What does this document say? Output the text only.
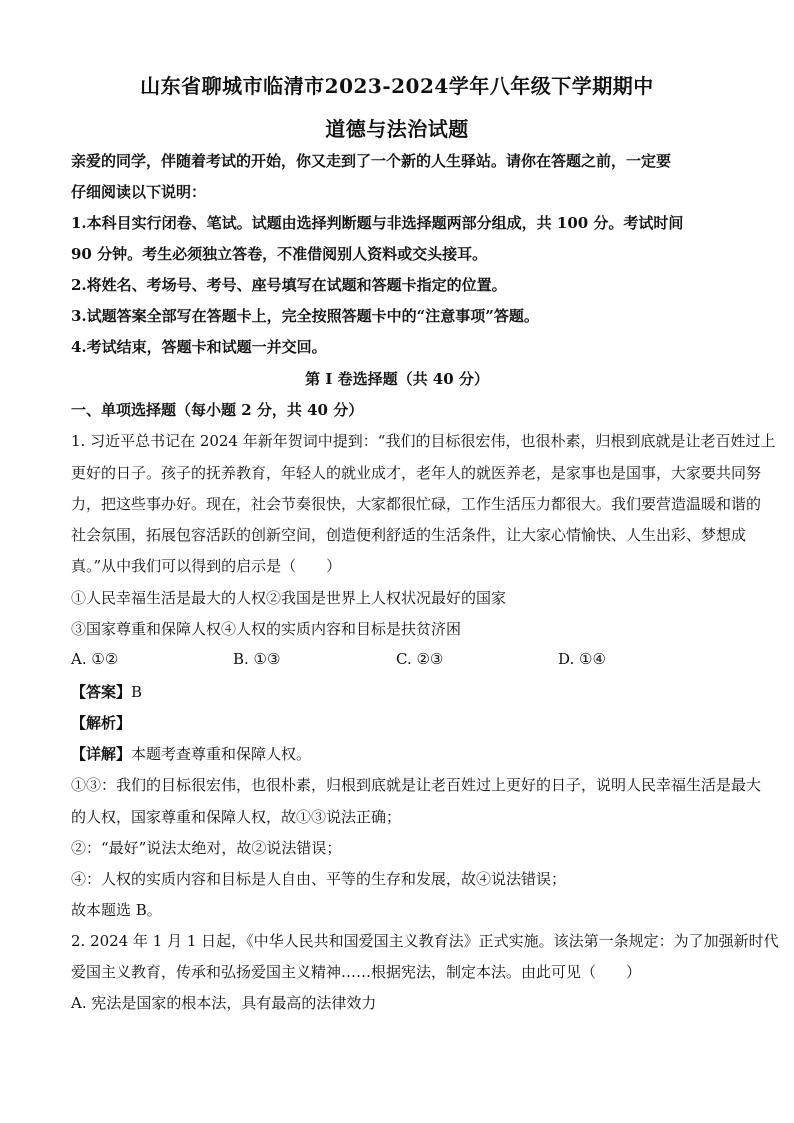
山东省聊城市临清市2023-2024学年八年级下学期期中
道德与法治试题
亲爱的同学，伴随着考试的开始，你又走到了一个新的人生驿站。请你在答题之前，一定要
仔细阅读以下说明：
1.本科目实行闭卷、笔试。试题由选择判断题与非选择题两部分组成，共 100 分。考试时间
90 分钟。考生必须独立答卷，不准借阅别人资料或交头接耳。
2.将姓名、考场号、考号、座号填写在试题和答题卡指定的位置。
3.试题答案全部写在答题卡上，完全按照答题卡中的“注意事项”答题。
4.考试结束，答题卡和试题一并交回。
第 I 卷选择题（共 40 分）
一、单项选择题（每小题 2 分，共 40 分）
1. 习近平总书记在 2024 年新年贺词中提到：“我们的目标很宏伟，也很朴素，归根到底就是让老百姓过上
更好的日子。孩子的抚养教育，年轻人的就业成才，老年人的就医养老，是家事也是国事，大家要共同努
力，把这些事办好。现在，社会节奏很快，大家都很忙碌，工作生活压力都很大。我们要营造温暖和谐的
社会氛围，拓展包容活跃的创新空间，创造便利舒适的生活条件，让大家心情愉快、人生出彩、梦想成
真。”从中我们可以得到的启示是（　　）
①人民幸福生活是最大的人权②我国是世界上人权状况最好的国家
③国家尊重和保障人权④人权的实质内容和目标是扶贫济困
A. ①②	B. ①③	C. ②③	D. ①④
【答案】B
【解析】
【详解】本题考查尊重和保障人权。
①③：我们的目标很宏伟，也很朴素，归根到底就是让老百姓过上更好的日子，说明人民幸福生活是最大
的人权，国家尊重和保障人权，故①③说法正确；
②：“最好”说法太绝对，故②说法错误；
④：人权的实质内容和目标是人自由、平等的生存和发展，故④说法错误；
故本题选 B。
2. 2024 年 1 月 1 日起，《中华人民共和国爱国主义教育法》正式实施。该法第一条规定：为了加强新时代
爱国主义教育，传承和弘扬爱国主义精神……根据宪法，制定本法。由此可见（　　）
A. 宪法是国家的根本法，具有最高的法律效力
